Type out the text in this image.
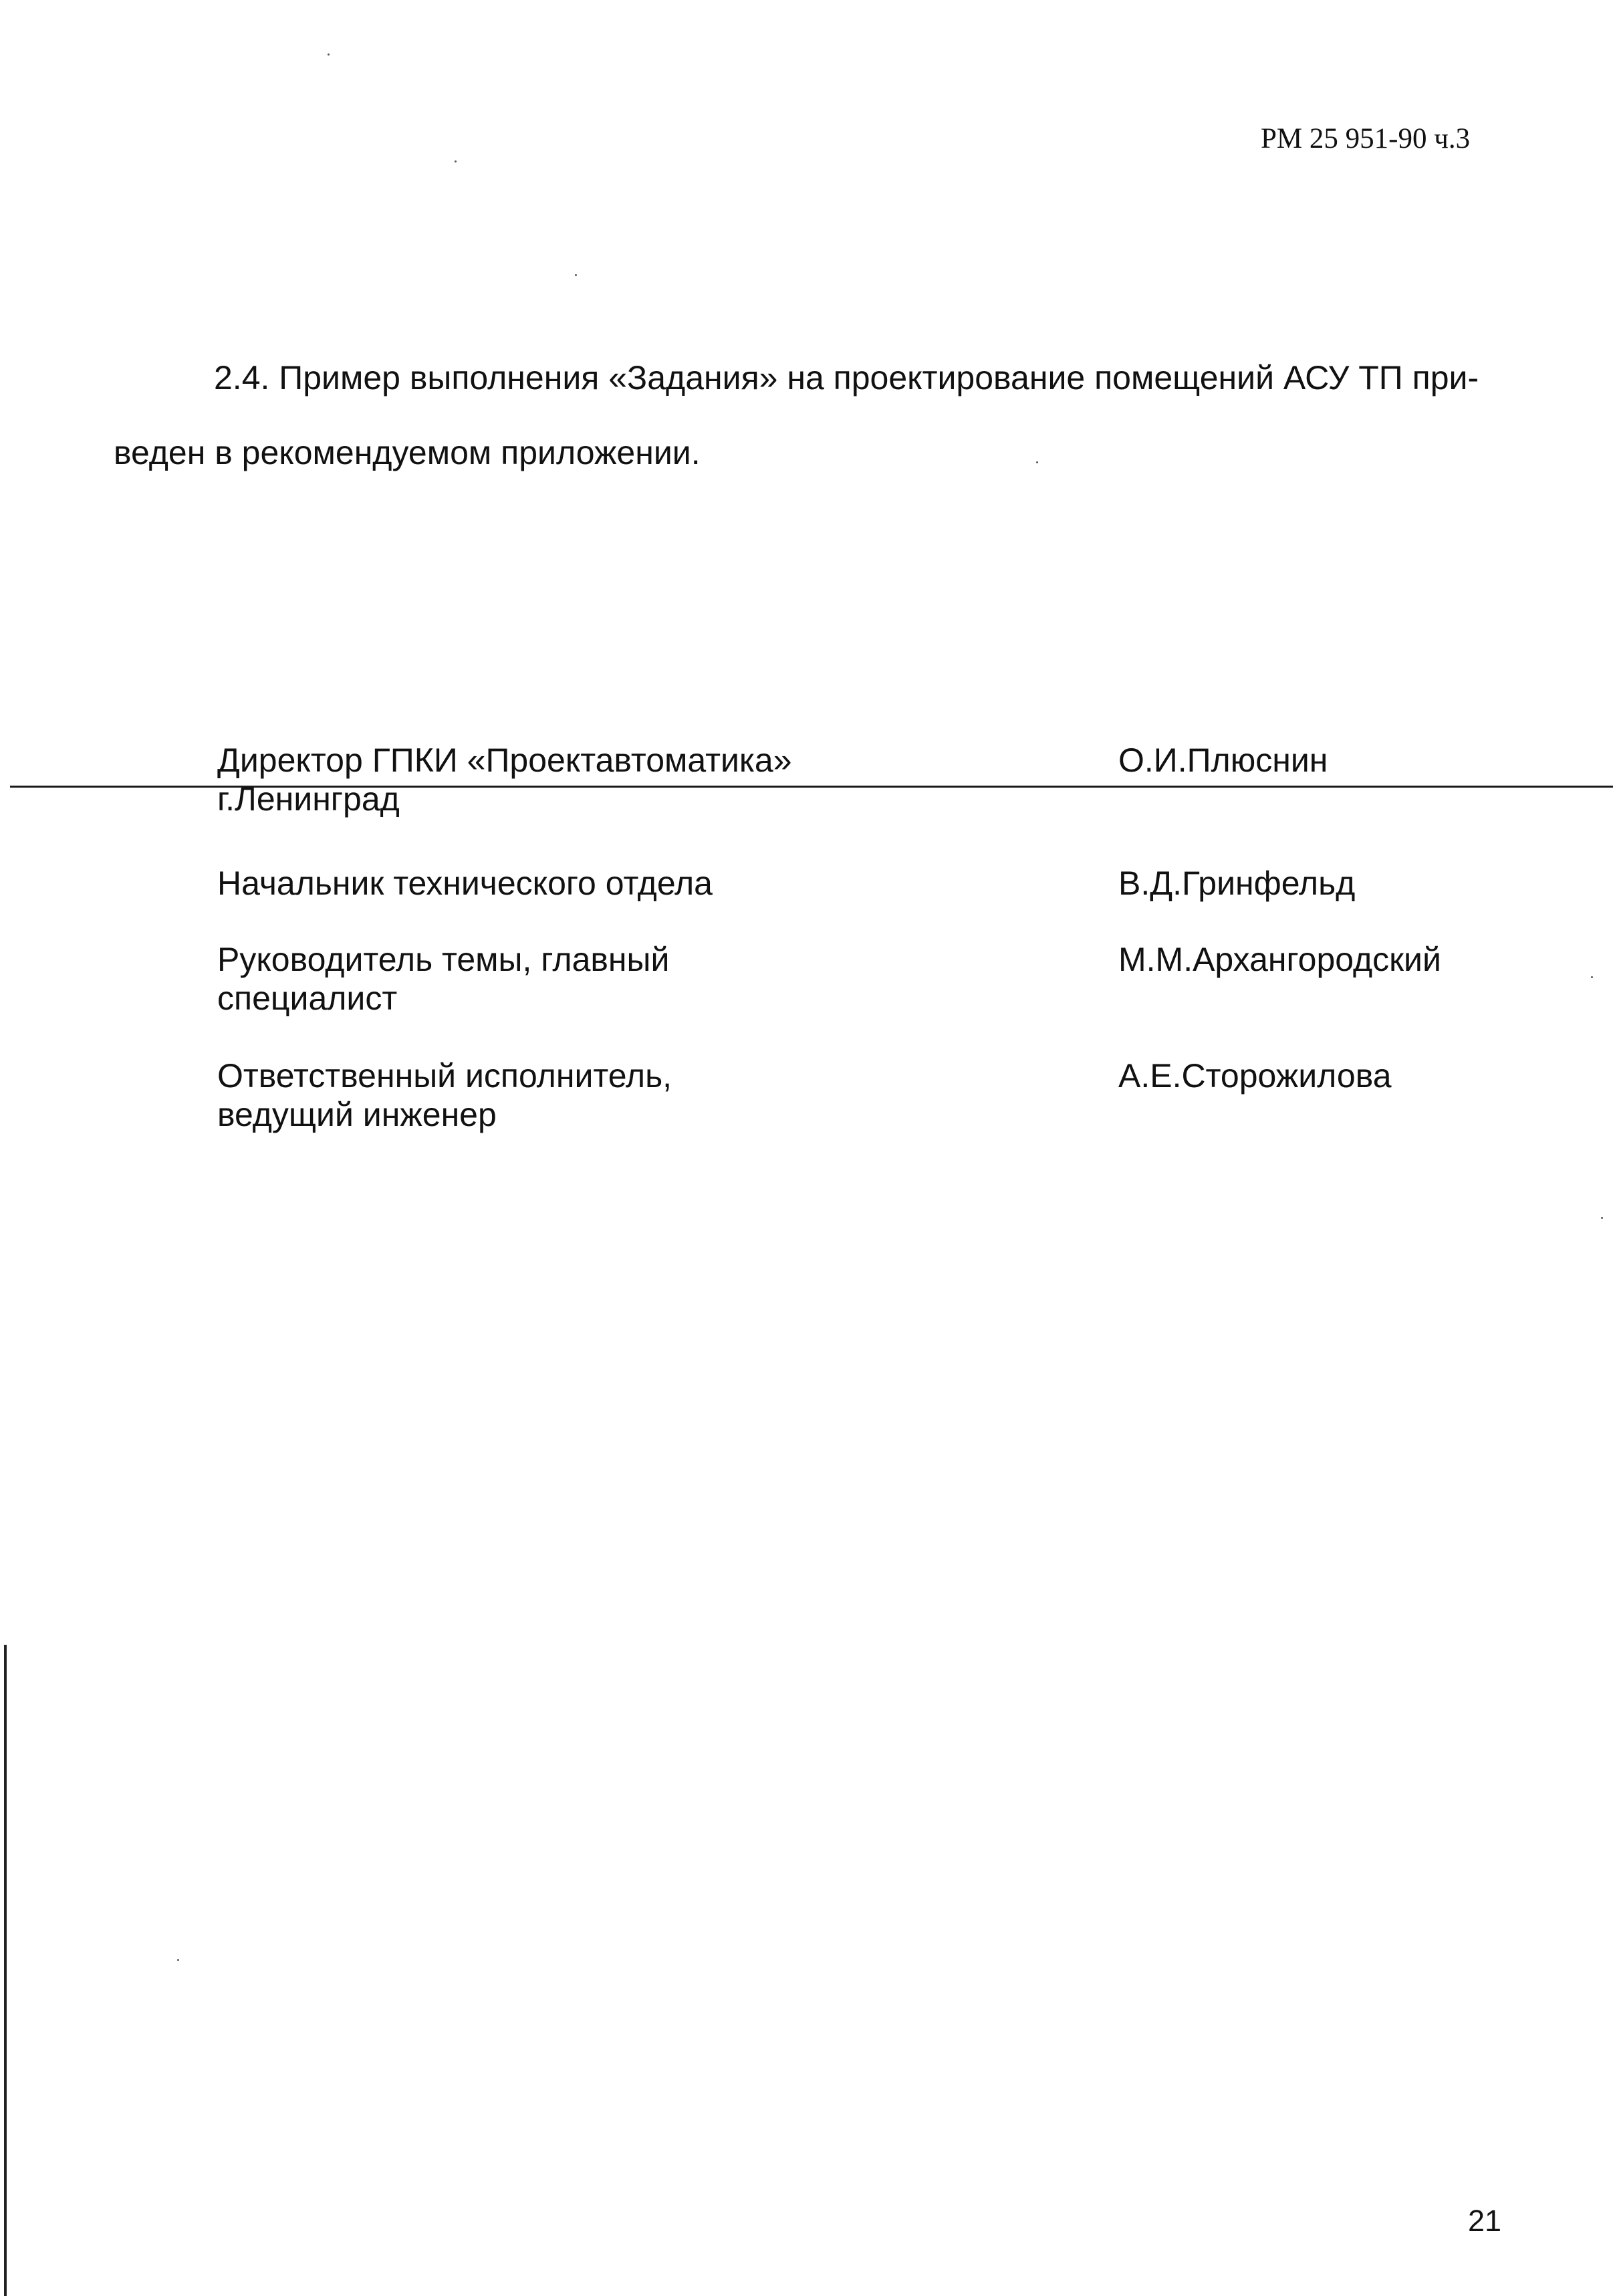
РМ 25 951-90 ч.3
2.4. Пример выполнения «Задания» на проектирование помещений АСУ ТП при-
веден в рекомендуемом приложении.
Директор ГПКИ «Проектавтоматика»
г.Ленинград
О.И.Плюснин
Начальник технического отдела	В.Д.Гринфельд
Руководитель темы, главный
специалист
М.М.Архангородский
Ответственный исполнитель,
ведущий инженер
А.Е.Сторожилова
21
